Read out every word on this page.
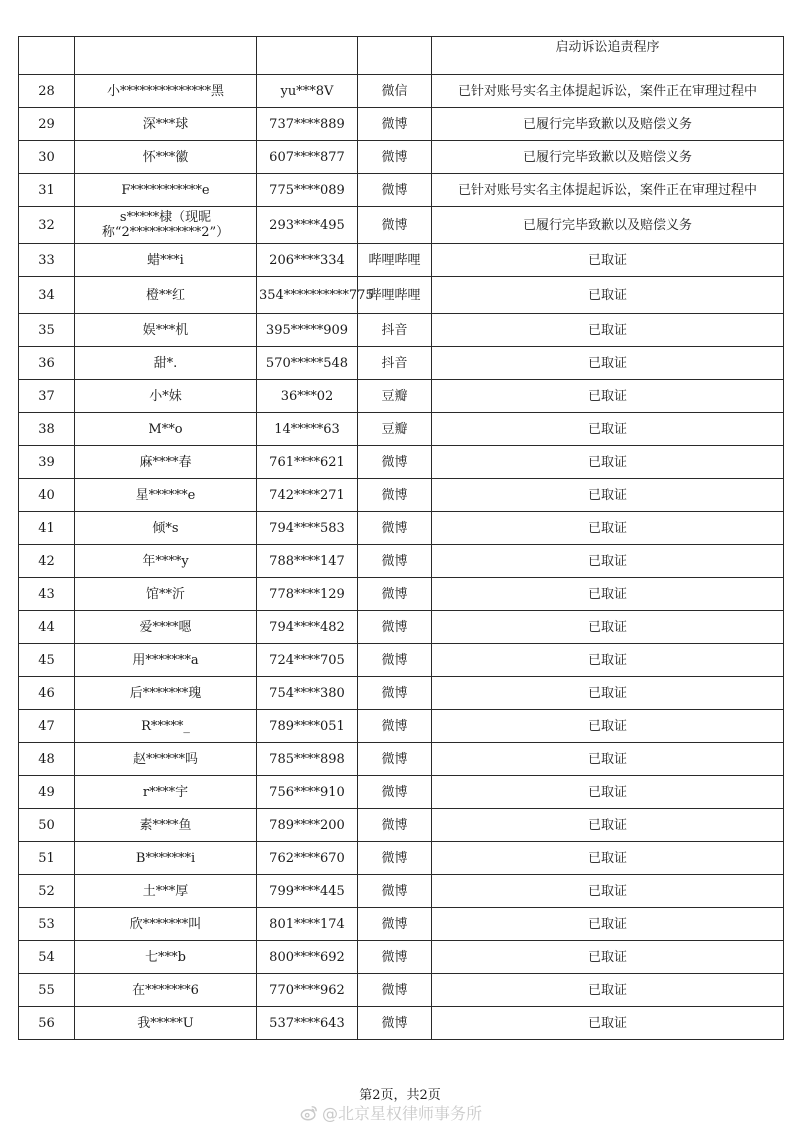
				启动诉讼追责程序
28	小**************黑	yu***8V	微信	已针对账号实名主体提起诉讼，案件正在审理过程中
29	深***球	737****889	微博	已履行完毕致歉以及赔偿义务
30	怀***徽	607****877	微博	已履行完毕致歉以及赔偿义务
31	F***********e	775****089	微博	已针对账号实名主体提起诉讼，案件正在审理过程中
32	s*****棣（现昵称“2***********2”）	293****495	微博	已履行完毕致歉以及赔偿义务
33	蜡***i	206****334	哔哩哔哩	已取证
34	橙**红	354**********775	哔哩哔哩	已取证
35	娱***机	395*****909	抖音	已取证
36	甜*.	570*****548	抖音	已取证
37	小*妹	36***02	豆瓣	已取证
38	M**o	14*****63	豆瓣	已取证
39	麻****春	761****621	微博	已取证
40	星******e	742****271	微博	已取证
41	倾*s	794****583	微博	已取证
42	年****y	788****147	微博	已取证
43	馆**沂	778****129	微博	已取证
44	爱****嗯	794****482	微博	已取证
45	用*******a	724****705	微博	已取证
46	后*******瑰	754****380	微博	已取证
47	R*****_	789****051	微博	已取证
48	赵******吗	785****898	微博	已取证
49	r****宇	756****910	微博	已取证
50	素****鱼	789****200	微博	已取证
51	B*******i	762****670	微博	已取证
52	土***厚	799****445	微博	已取证
53	欣*******叫	801****174	微博	已取证
54	七***b	800****692	微博	已取证
55	在*******6	770****962	微博	已取证
56	我*****U	537****643	微博	已取证
第2页，共2页
@北京星权律师事务所
